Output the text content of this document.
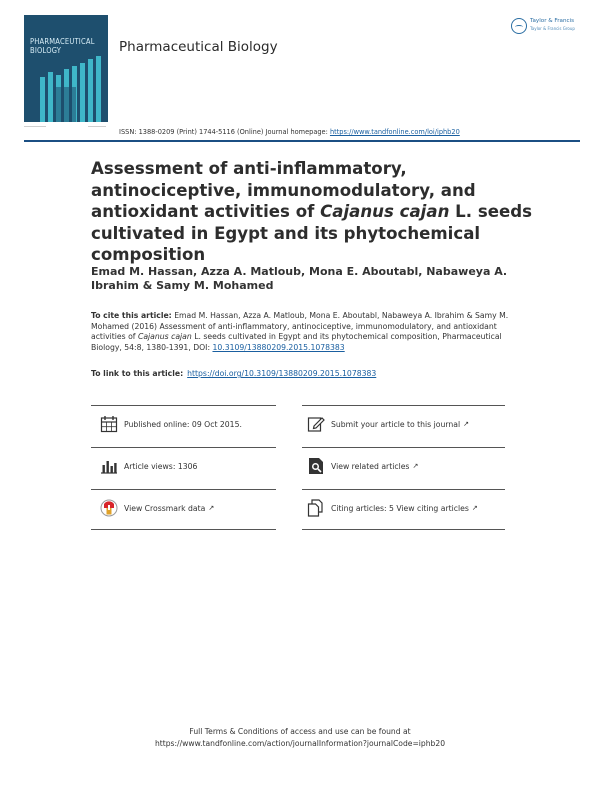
PHARMACEUTICAL
BIOLOGY	Pharmaceutical Biology
Taylor & Francis
Taylor & Francis Group
ISSN: 1388-0209 (Print) 1744-5116 (Online) Journal homepage: https://www.tandfonline.com/loi/iphb20
Assessment of anti-inflammatory, antinociceptive, immunomodulatory, and antioxidant activities of Cajanus cajan L. seeds cultivated in Egypt and its phytochemical composition
Emad M. Hassan, Azza A. Matloub, Mona E. Aboutabl, Nabaweya A. Ibrahim & Samy M. Mohamed
To cite this article: Emad M. Hassan, Azza A. Matloub, Mona E. Aboutabl, Nabaweya A. Ibrahim & Samy M. Mohamed (2016) Assessment of anti-inflammatory, antinociceptive, immunomodulatory, and antioxidant activities of Cajanus cajan L. seeds cultivated in Egypt and its phytochemical composition, Pharmaceutical Biology, 54:8, 1380-1391, DOI: 10.3109/13880209.2015.1078383
To link to this article: https://doi.org/10.3109/13880209.2015.1078383
Published online: 09 Oct 2015.	Submit your article to this journal ↗
Article views: 1306	View related articles ↗
View Crossmark data ↗	Citing articles: 5 View citing articles ↗
Full Terms & Conditions of access and use can be found at
https://www.tandfonline.com/action/journalInformation?journalCode=iphb20
